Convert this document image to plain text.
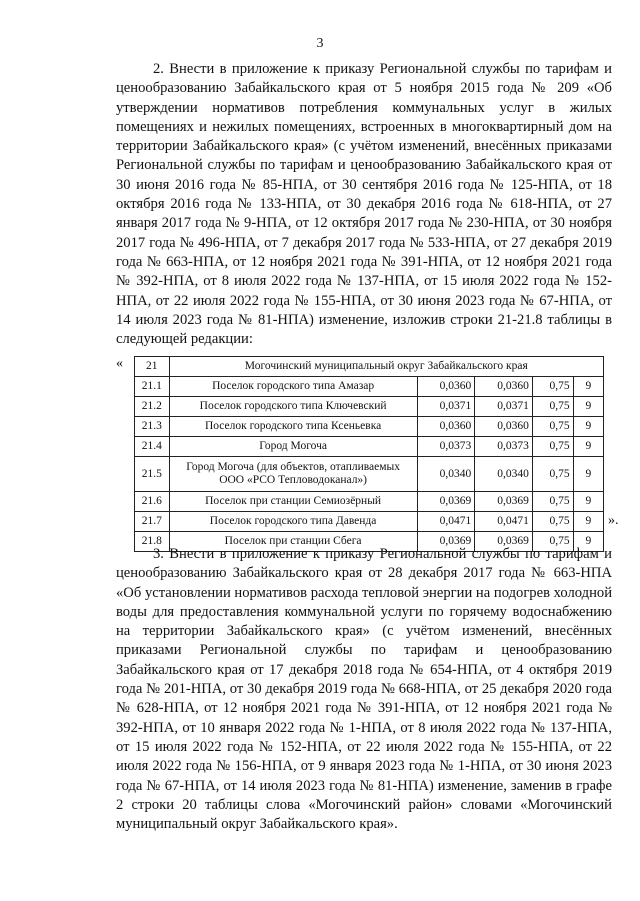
3

2. Внести в приложение к приказу Региональной службы по тарифам и ценообразованию Забайкальского края от 5 ноября 2015 года № 209 «Об утверждении нормативов потребления коммунальных услуг в жилых помещениях и нежилых помещениях, встроенных в многоквартирный дом на территории Забайкальского края» (с учётом изменений, внесённых приказами Региональной службы по тарифам и ценообразованию Забайкальского края от 30 июня 2016 года № 85-НПА, от 30 сентября 2016 года № 125-НПА, от 18 октября 2016 года № 133-НПА, от 30 декабря 2016 года № 618-НПА, от 27 января 2017 года № 9-НПА, от 12 октября 2017 года № 230-НПА, от 30 ноября 2017 года № 496-НПА, от 7 декабря 2017 года № 533-НПА, от 27 декабря 2019 года № 663-НПА, от 12 ноября 2021 года № 391-НПА, от 12 ноября 2021 года № 392-НПА, от 8 июля 2022 года № 137-НПА, от 15 июля 2022 года № 152-НПА, от 22 июля 2022 года № 155-НПА, от 30 июня 2023 года № 67-НПА, от 14 июля 2023 года № 81-НПА) изменение, изложив строки 21-21.8 таблицы в следующей редакции:

« 21	Могочинский муниципальный округ Забайкальского края				
21.1	Поселок городского типа Амазар	0,0360	0,0360	0,75	9
21.2	Поселок городского типа Ключевский	0,0371	0,0371	0,75	9
21.3	Поселок городского типа Ксеньевка	0,0360	0,0360	0,75	9
21.4	Город Могоча	0,0373	0,0373	0,75	9
21.5	Город Могоча (для объектов, отапливаемых ООО «РСО Тепловодоканал»)	0,0340	0,0340	0,75	9
21.6	Поселок при станции Семиозёрный	0,0369	0,0369	0,75	9
21.7	Поселок городского типа Давенда	0,0471	0,0471	0,75	9
21.8	Поселок при станции Сбега	0,0369	0,0369	0,75	9
».

3. Внести в приложение к приказу Региональной службы по тарифам и ценообразованию Забайкальского края от 28 декабря 2017 года № 663-НПА «Об установлении нормативов расхода тепловой энергии на подогрев холодной воды для предоставления коммунальной услуги по горячему водоснабжению на территории Забайкальского края» (с учётом изменений, внесённых приказами Региональной службы по тарифам и ценообразованию Забайкальского края от 17 декабря 2018 года № 654-НПА, от 4 октября 2019 года № 201-НПА, от 30 декабря 2019 года № 668-НПА, от 25 декабря 2020 года № 628-НПА, от 12 ноября 2021 года № 391-НПА, от 12 ноября 2021 года № 392-НПА, от 10 января 2022 года № 1-НПА, от 8 июля 2022 года № 137-НПА, от 15 июля 2022 года № 152-НПА, от 22 июля 2022 года № 155-НПА, от 22 июля 2022 года № 156-НПА, от 9 января 2023 года № 1-НПА, от 30 июня 2023 года № 67-НПА, от 14 июля 2023 года № 81-НПА) изменение, заменив в графе 2 строки 20 таблицы слова «Могочинский район» словами «Могочинский муниципальный округ Забайкальского края».
